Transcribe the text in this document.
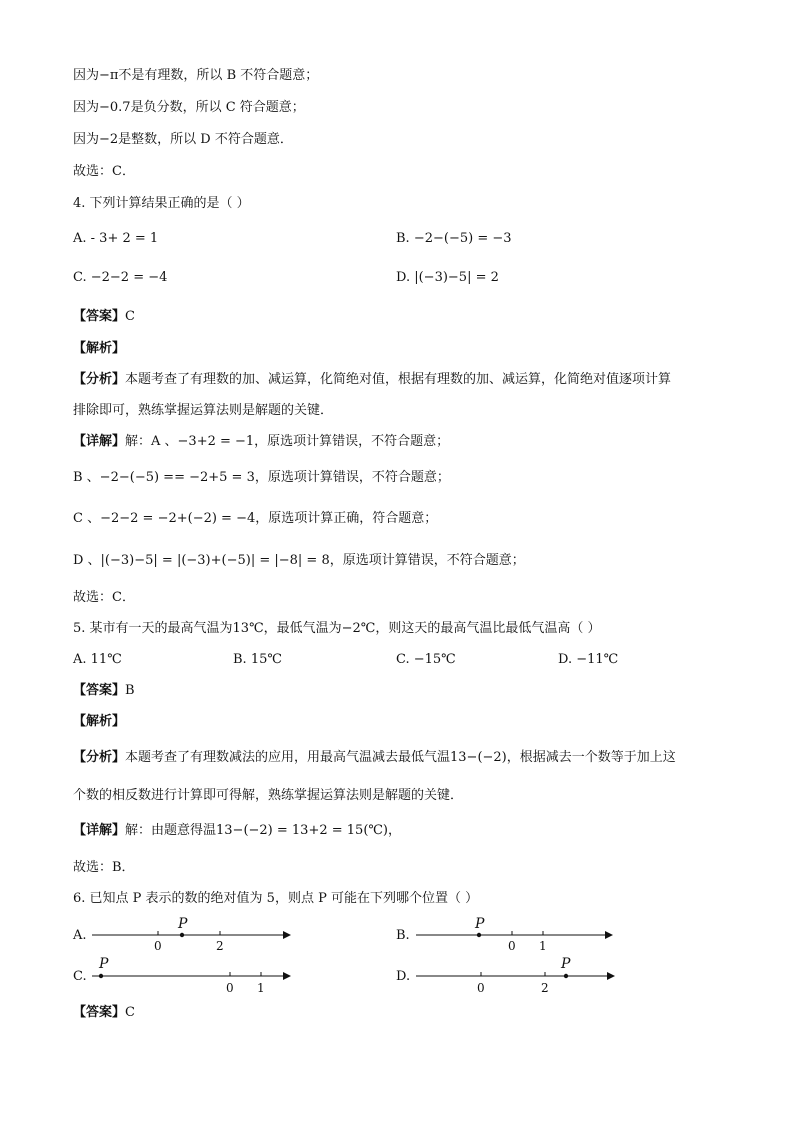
因为−π不是有理数，所以 B 不符合题意；
因为−0.7是负分数，所以 C 符合题意；
因为−2是整数，所以 D 不符合题意．
故选：C．
4. 下列计算结果正确的是（ ）
A. - 3+ 2 = 1	B. −2−(−5) = −3
C. −2−2 = −4	D. |(−3)−5| = 2
【答案】C
【解析】
【分析】本题考查了有理数的加、减运算，化简绝对值，根据有理数的加、减运算，化简绝对值逐项计算
排除即可，熟练掌握运算法则是解题的关键．
【详解】解：A 、−3+2 = −1，原选项计算错误，不符合题意；
B 、−2−(−5) == −2+5 = 3，原选项计算错误，不符合题意；
C 、−2−2 = −2+(−2) = −4，原选项计算正确，符合题意；
D 、|(−3)−5| = |(−3)+(−5)| = |−8| = 8，原选项计算错误，不符合题意；
故选：C．
5. 某市有一天的最高气温为13℃，最低气温为−2℃，则这天的最高气温比最低气温高（ ）
A. 11℃	B. 15℃	C. −15℃	D. −11℃
【答案】B
【解析】
【分析】本题考查了有理数减法的应用，用最高气温减去最低气温13−(−2)，根据减去一个数等于加上这
个数的相反数进行计算即可得解，熟练掌握运算法则是解题的关键．
【详解】解：由题意得温13−(−2) = 13+2 = 15(℃)，
故选：B．
6. 已知点 P 表示的数的绝对值为 5，则点 P 可能在下列哪个位置（ ）
A.
P
0	2
B.
P
0 1
C.
P
0 1
D.
P
0	2
【答案】C
